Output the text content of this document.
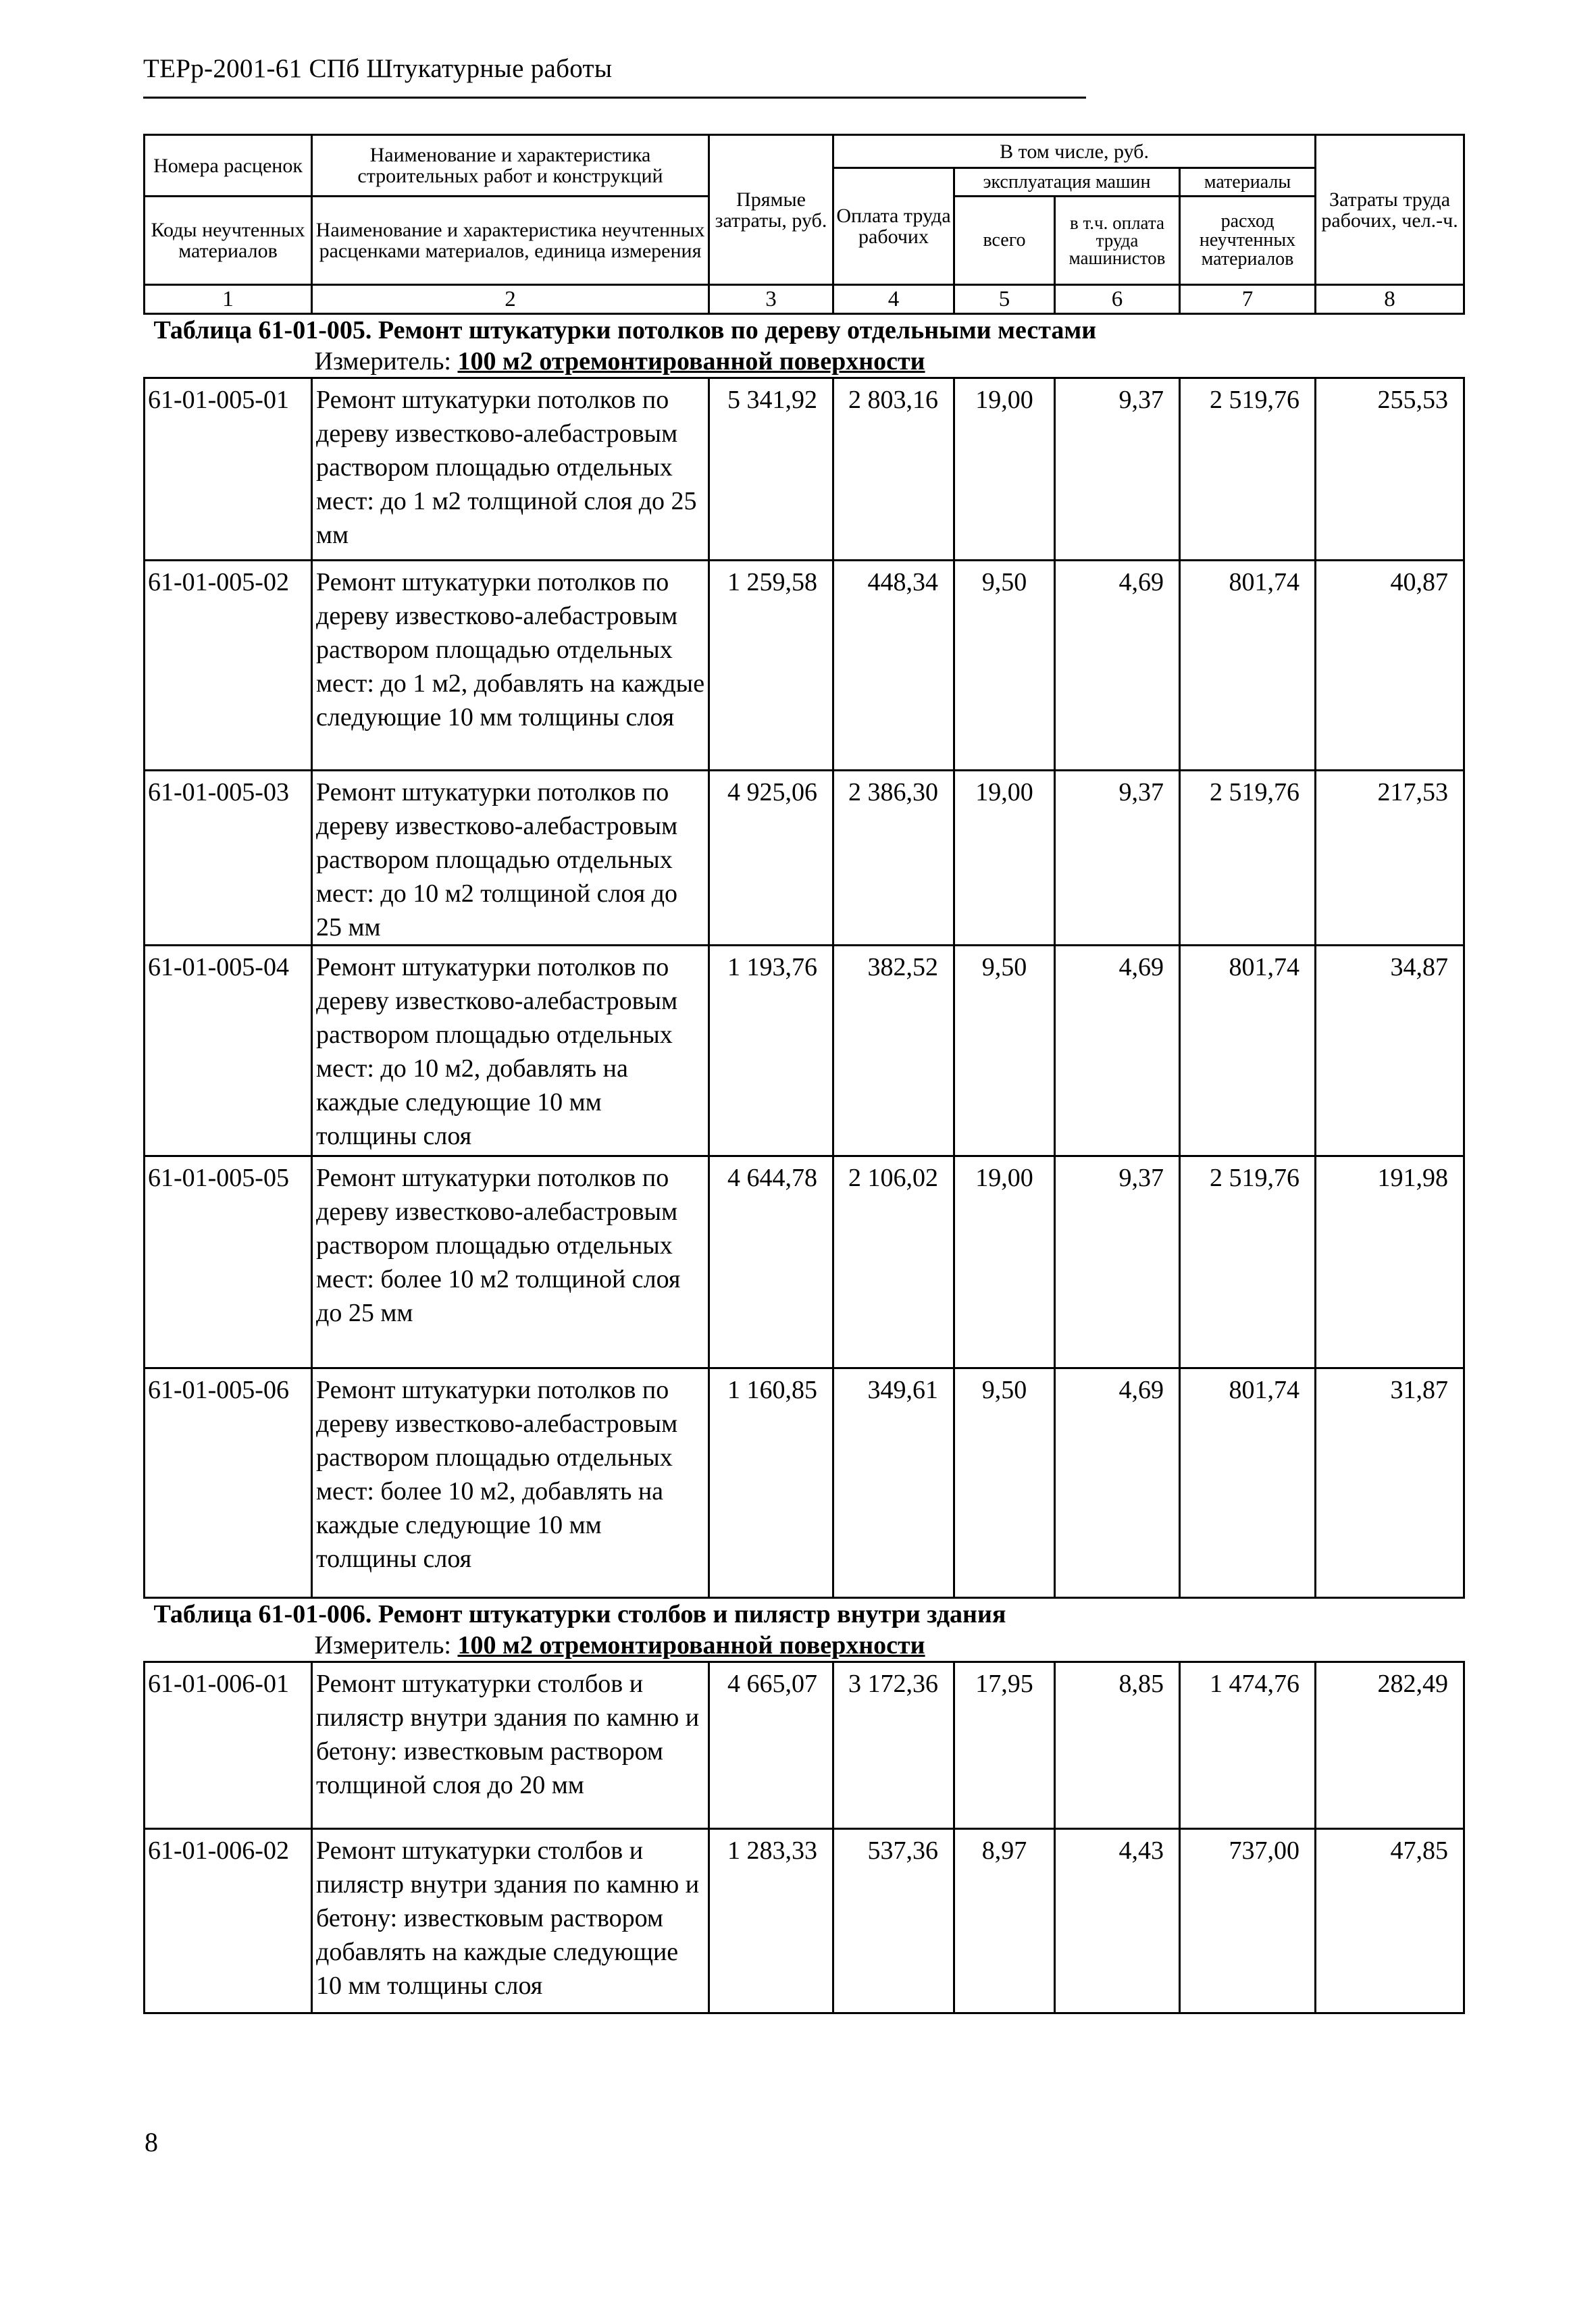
ТЕРр-2001-61 СПб Штукатурные работы
Номера расценок	Наименование и характеристика строительных работ и конструкций	Прямые затраты, руб.	В том числе, руб.				Затраты труда рабочих, чел.-ч.
			Оплата труда рабочих	эксплуатация машин		материалы	
Коды неучтенных материалов	Наименование и характеристика неучтенных расценками материалов, единица измерения			всего	в т.ч. оплата труда машинистов	расход неучтенных материалов	

1	2	3	4	5	6	7	8

Таблица 61-01-005. Ремонт штукатурки потолков по дереву отдельными местами
Измеритель: 100 м2 отремонтированной поверхности							

61-01-005-01	Ремонт штукатурки потолков по дереву известково-алебастровым раствором площадью отдельных мест: до 1 м2 толщиной слоя до 25 мм	5 341,92	2 803,16	19,00	9,37	2 519,76	255,53
61-01-005-02	Ремонт штукатурки потолков по дереву известково-алебастровым раствором площадью отдельных мест: до 1 м2, добавлять на каждые следующие 10 мм толщины слоя	1 259,58	448,34	9,50	4,69	801,74	40,87
61-01-005-03	Ремонт штукатурки потолков по дереву известково-алебастровым раствором площадью отдельных мест: до 10 м2 толщиной слоя до 25 мм	4 925,06	2 386,30	19,00	9,37	2 519,76	217,53
61-01-005-04	Ремонт штукатурки потолков по дереву известково-алебастровым раствором площадью отдельных мест: до 10 м2, добавлять на каждые следующие 10 мм толщины слоя	1 193,76	382,52	9,50	4,69	801,74	34,87
61-01-005-05	Ремонт штукатурки потолков по дереву известково-алебастровым раствором площадью отдельных мест: более 10 м2 толщиной слоя до 25 мм	4 644,78	2 106,02	19,00	9,37	2 519,76	191,98
61-01-005-06	Ремонт штукатурки потолков по дереву известково-алебастровым раствором площадью отдельных мест: более 10 м2, добавлять на каждые следующие 10 мм толщины слоя	1 160,85	349,61	9,50	4,69	801,74	31,87

Таблица 61-01-006. Ремонт штукатурки столбов и пилястр внутри здания
Измеритель: 100 м2 отремонтированной поверхности							

61-01-006-01	Ремонт штукатурки столбов и пилястр внутри здания по камню и бетону: известковым раствором толщиной слоя до 20 мм	4 665,07	3 172,36	17,95	8,85	1 474,76	282,49
61-01-006-02	Ремонт штукатурки столбов и пилястр внутри здания по камню и бетону: известковым раствором добавлять на каждые следующие 10 мм толщины слоя	1 283,33	537,36	8,97	4,43	737,00	47,85
8
